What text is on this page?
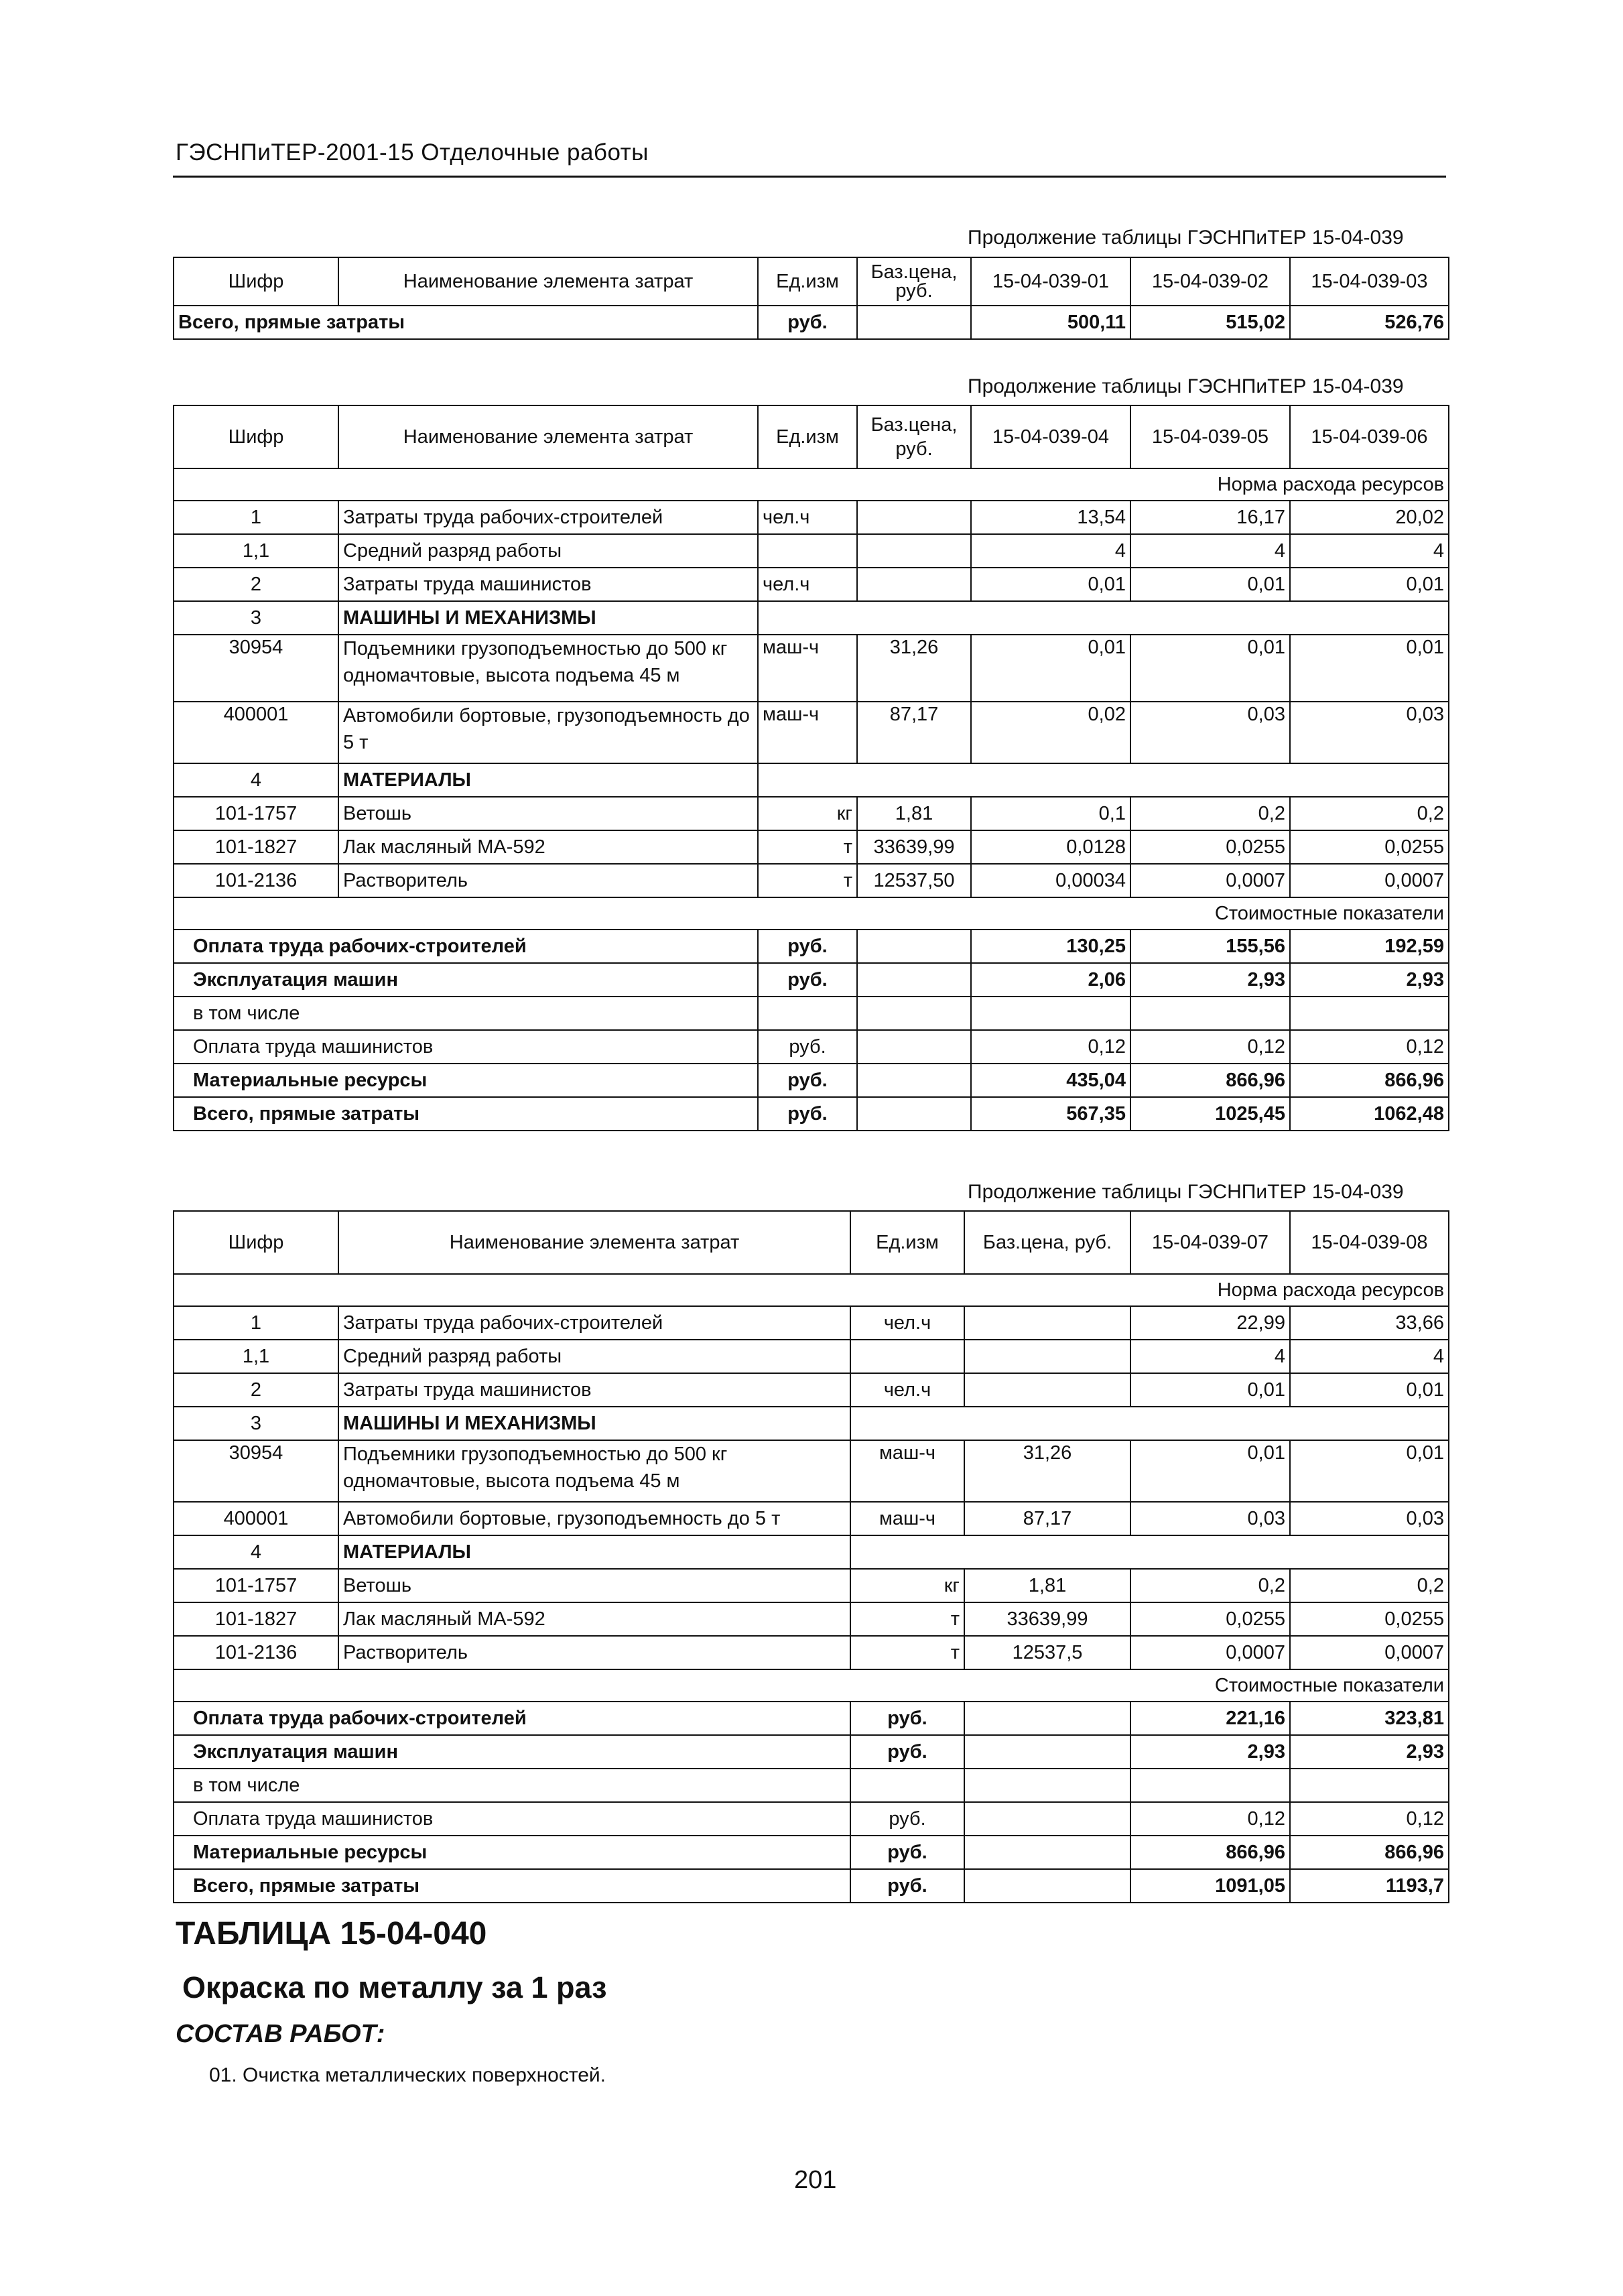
ГЭСНПиТЕР-2001-15 Отделочные работы
Продолжение таблицы ГЭСНПиТЕР 15-04-039
Шифр	Наименование элемента затрат	Ед.изм	Баз.цена, руб.	15-04-039-01	15-04-039-02	15-04-039-03
Всего, прямые затраты		руб.		500,11	515,02	526,76
Продолжение таблицы ГЭСНПиТЕР 15-04-039
Шифр	Наименование элемента затрат	Ед.изм	Баз.цена, руб.	15-04-039-04	15-04-039-05	15-04-039-06
Норма расхода ресурсов						
1	Затраты труда рабочих-строителей	чел.ч		13,54	16,17	20,02
1,1	Средний разряд работы			4	4	4
2	Затраты труда машинистов	чел.ч		0,01	0,01	0,01
3	МАШИНЫ И МЕХАНИЗМЫ					
30954	Подъемники грузоподъемностью до 500 кг одномачтовые, высота подъема 45 м	маш-ч	31,26	0,01	0,01	0,01
400001	Автомобили бортовые, грузоподъемность до 5 т	маш-ч	87,17	0,02	0,03	0,03
4	МАТЕРИАЛЫ					
101-1757	Ветошь	кг	1,81	0,1	0,2	0,2
101-1827	Лак масляный МА-592	т	33639,99	0,0128	0,0255	0,0255
101-2136	Растворитель	т	12537,50	0,00034	0,0007	0,0007
Стоимостные показатели						
Оплата труда рабочих-строителей		руб.		130,25	155,56	192,59
Эксплуатация машин		руб.		2,06	2,93	2,93
в том числе						
Оплата труда машинистов		руб.		0,12	0,12	0,12
Материальные ресурсы		руб.		435,04	866,96	866,96
Всего, прямые затраты		руб.		567,35	1025,45	1062,48
Продолжение таблицы ГЭСНПиТЕР 15-04-039
Шифр	Наименование элемента затрат	Ед.изм	Баз.цена, руб.	15-04-039-07	15-04-039-08
Норма расхода ресурсов					
1	Затраты труда рабочих-строителей	чел.ч		22,99	33,66
1,1	Средний разряд работы			4	4
2	Затраты труда машинистов	чел.ч		0,01	0,01
3	МАШИНЫ И МЕХАНИЗМЫ				
30954	Подъемники грузоподъемностью до 500 кг одномачтовые, высота подъема 45 м	маш-ч	31,26	0,01	0,01
400001	Автомобили бортовые, грузоподъемность до 5 т	маш-ч	87,17	0,03	0,03
4	МАТЕРИАЛЫ				
101-1757	Ветошь	кг	1,81	0,2	0,2
101-1827	Лак масляный МА-592	т	33639,99	0,0255	0,0255
101-2136	Растворитель	т	12537,5	0,0007	0,0007
Стоимостные показатели					
Оплата труда рабочих-строителей		руб.		221,16	323,81
Эксплуатация машин		руб.		2,93	2,93
в том числе					
Оплата труда машинистов		руб.		0,12	0,12
Материальные ресурсы		руб.		866,96	866,96
Всего, прямые затраты		руб.		1091,05	1193,7
ТАБЛИЦА 15-04-040
Окраска по металлу за 1 раз
СОСТАВ РАБОТ:
01. Очистка металлических поверхностей.
201
